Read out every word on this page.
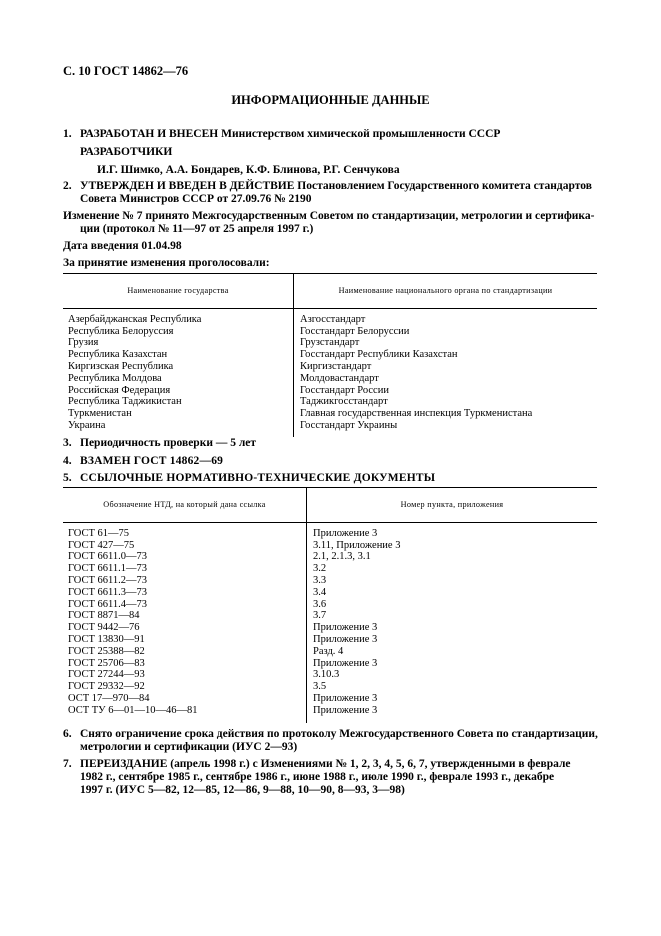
С. 10 ГОСТ 14862—76
ИНФОРМАЦИОННЫЕ ДАННЫЕ
1. РАЗРАБОТАН И ВНЕСЕН Министерством химической промышленности СССР
РАЗРАБОТЧИКИ
И.Г. Шимко, А.А. Бондарев, К.Ф. Блинова, Р.Г. Сенчукова
2. УТВЕРЖДЕН И ВВЕДЕН В ДЕЙСТВИЕ Постановлением Государственного комитета стандартов
Совета Министров СССР от 27.09.76 № 2190
Изменение № 7 принято Межгосударственным Советом по стандартизации, метрологии и сертифика-
ции (протокол № 11—97 от 25 апреля 1997 г.)
Дата введения 01.04.98
За принятие изменения проголосовали:

Наименование государства	Наименование национального органа по стандартизации

Азербайджанская Республика	Азгосстандарт
Республика Белоруссия	Госстандарт Белоруссии
Грузия	Грузстандарт
Республика Казахстан	Госстандарт Республики Казахстан
Киргизская Республика	Киргизстандарт
Республика Молдова	Молдовастандарт
Российская Федерация	Госстандарт России
Республика Таджикистан	Таджикгосстандарт
Туркменистан	Главная государственная инспекция Туркменистана
Украина	Госстандарт Украины

3. Периодичность проверки — 5 лет
4. ВЗАМЕН ГОСТ 14862—69
5. ССЫЛОЧНЫЕ НОРМАТИВНО-ТЕХНИЧЕСКИЕ ДОКУМЕНТЫ

Обозначение НТД, на который дана ссылка	Номер пункта, приложения

ГОСТ 61—75	Приложение 3
ГОСТ 427—75	3.11, Приложение 3
ГОСТ 6611.0—73	2.1, 2.1.3, 3.1
ГОСТ 6611.1—73	3.2
ГОСТ 6611.2—73	3.3
ГОСТ 6611.3—73	3.4
ГОСТ 6611.4—73	3.6
ГОСТ 8871—84	3.7
ГОСТ 9442—76	Приложение 3
ГОСТ 13830—91	Приложение 3
ГОСТ 25388—82	Разд. 4
ГОСТ 25706—83	Приложение 3
ГОСТ 27244—93	3.10.3
ГОСТ 29332—92	3.5
ОСТ 17—970—84	Приложение 3
ОСТ ТУ 6—01—10—46—81	Приложение 3

6. Снято ограничение срока действия по протоколу Межгосударственного Совета по стандартизации,
метрологии и сертификации (ИУС 2—93)
7. ПЕРЕИЗДАНИЕ (апрель 1998 г.) с Изменениями № 1, 2, 3, 4, 5, 6, 7, утвержденными в феврале
1982 г., сентябре 1985 г., сентябре 1986 г., июне 1988 г., июле 1990 г., феврале 1993 г., декабре
1997 г. (ИУС 5—82, 12—85, 12—86, 9—88, 10—90, 8—93, 3—98)
